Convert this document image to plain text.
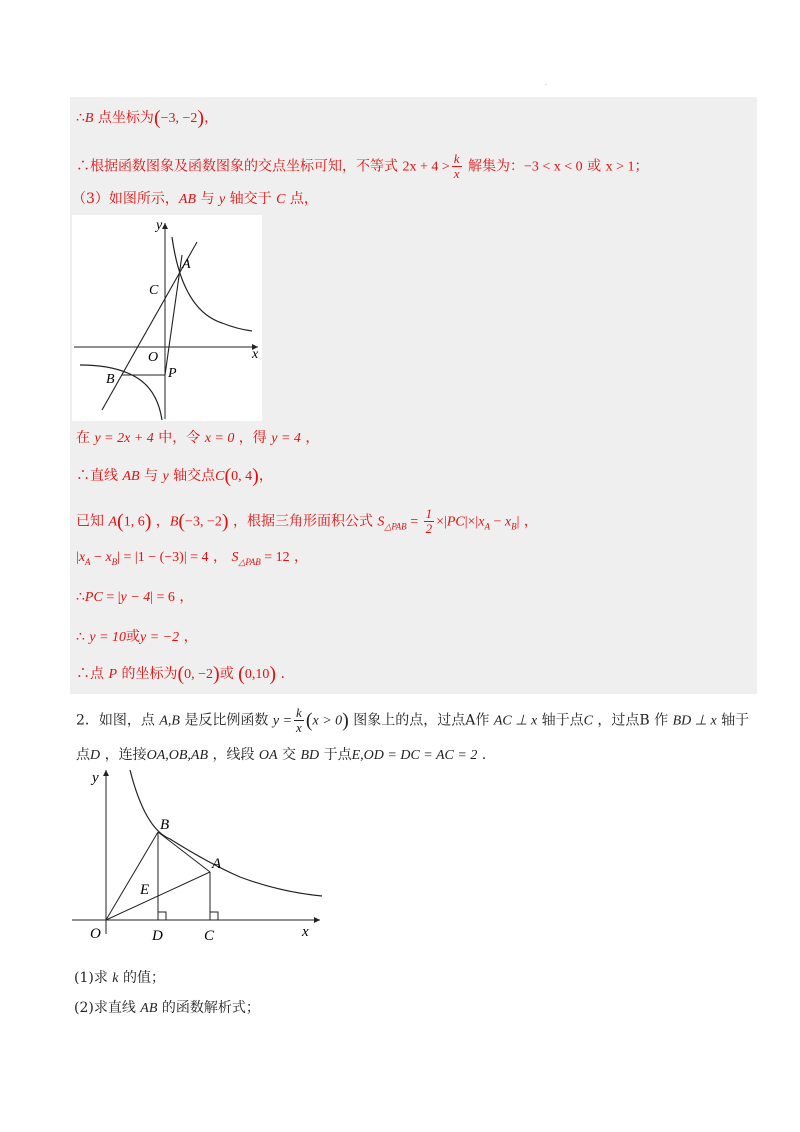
.
∴B 点坐标为(−3, −2)，
∴根据函数图象及函数图象的交点坐标可知，不等式 $2x + 4 > \frac{k}{x}$ 解集为：−3 < x < 0 或 x > 1；
（3）如图所示，AB 与 y 轴交于 C 点，
y
x
A
C
O
P
B
在 y = 2x + 4 中，令 x = 0 ，得 y = 4 ，
∴直线 AB 与 y 轴交点C(0, 4)，
已知 A(1, 6) ，B(−3, −2) ，根据三角形面积公式 $S_{\triangle PAB} = \frac{1}{2} \times|PC|\times|x_A - x_B|$ ，
$|x_A - x_B| = |1 - (-3)| = 4$ ， $S_{\triangle PAB} = 12$ ，
∴PC = |y − 4| = 6 ，
∴ y = 10或y = −2 ，
∴点 P 的坐标为(0, −2)或 (0,10) .
2．如图，点 A,B 是反比例函数 $y = \frac{k}{x} (x > 0)$ 图象上的点，过点A作 AC ⊥ x 轴于点C ，过点B 作 BD ⊥ x 轴于
点D ，连接OA,OB,AB ，线段 OA 交 BD 于点E,OD = DC = AC = 2 .
y
x
B
A
E
O	D	C
(1)求 k 的值；
(2)求直线 AB 的函数解析式；
